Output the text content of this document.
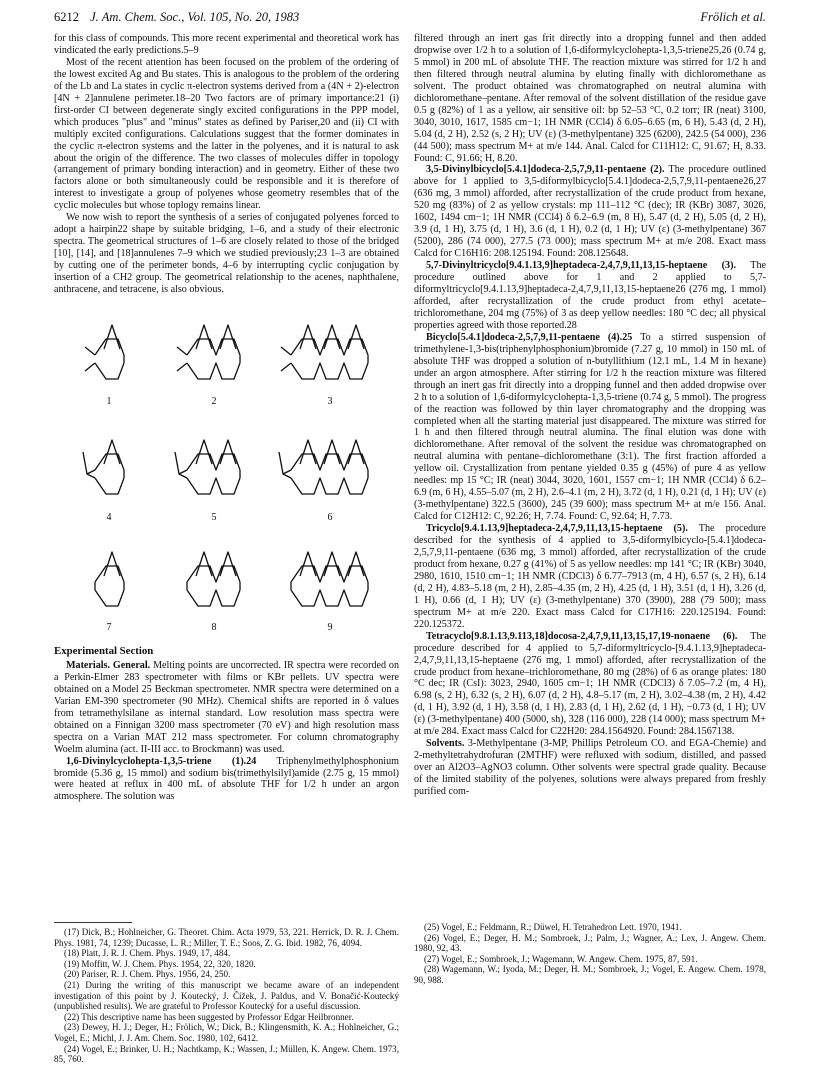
6212 J. Am. Chem. Soc., Vol. 105, No. 20, 1983	Frölich et al.

for this class of compounds. This more recent experimental and theoretical work has vindicated the early predictions.5–9

Most of the recent attention has been focused on the problem of the ordering of the lowest excited Ag and Bu states. This is analogous to the problem of the ordering of the Lb and La states in cyclic π-electron systems derived from a (4N + 2)-electron [4N + 2]annulene perimeter.18–20 Two factors are of primary importance:21 (i) first-order CI between degenerate singly excited configurations in the PPP model, which produces "plus" and "minus" states as defined by Pariser,20 and (ii) CI with multiply excited configurations. Calculations suggest that the former dominates in the cyclic π-electron systems and the latter in the polyenes, and it is natural to ask about the origin of the difference. The two classes of molecules differ in topology (arrangement of primary bonding interaction) and in geometry. Either of these two factors alone or both simultaneously could be responsible and it is therefore of interest to investigate a group of polyenes whose geometry resembles that of the cyclic molecules but whose toplogy remains linear.

We now wish to report the synthesis of a series of conjugated polyenes forced to adopt a hairpin22 shape by suitable bridging, 1–6, and a study of their electronic spectra. The geometrical structures of 1–6 are closely related to those of the bridged [10], [14], and [18]annulenes 7–9 which we studied previously;23 1–3 are obtained by cutting one of the perimeter bonds, 4–6 by interrupting cyclic conjugation by insertion of a CH2 group. The geometrical relationship to the acenes, naphthalene, anthracene, and tetracene, is also obvious.

1	2	3
4	5	6
7	8	9
Experimental Section

Materials. General. Melting points are uncorrected. IR spectra were recorded on a Perkin-Elmer 283 spectrometer with films or KBr pellets. UV spectra were obtained on a Model 25 Beckman spectrometer. NMR spectra were determined on a Varian EM-390 spectrometer (90 MHz). Chemical shifts are reported in δ values from tetramethylsilane as internal standard. Low resolution mass spectra were obtained on a Finnigan 3200 mass spectrometer (70 eV) and high resolution mass spectra on a Varian MAT 212 mass spectrometer. For column chromatography Woelm alumina (act. II-III acc. to Brockmann) was used.

1,6-Divinylcyclohepta-1,3,5-triene (1).24 Triphenylmethylphosphonium bromide (5.36 g, 15 mmol) and sodium bis(trimethylsilyl)amide (2.75 g, 15 mmol) were heated at reflux in 400 mL of absolute THF for 1/2 h under an argon atmosphere. The solution was

filtered through an inert gas frit directly into a dropping funnel and then added dropwise over 1/2 h to a solution of 1,6-diformylcyclohepta-1,3,5-triene25,26 (0.74 g, 5 mmol) in 200 mL of absolute THF. The reaction mixture was stirred for 1/2 h and then filtered through neutral alumina by eluting finally with dichloromethane as solvent. The product obtained was chromatographed on neutral alumina with dichloromethane–pentane. After removal of the solvent distillation of the residue gave 0.5 g (82%) of 1 as a yellow, air sensitive oil: bp 52–53 °C, 0.2 torr; IR (neat) 3100, 3040, 3010, 1617, 1585 cm−1; 1H NMR (CCl4) δ 6.05–6.65 (m, 6 H), 5.43 (d, 2 H), 5.04 (d, 2 H), 2.52 (s, 2 H); UV (ε) (3-methylpentane) 325 (6200), 242.5 (54 000), 236 (44 500); mass spectrum M+ at m/e 144. Anal. Calcd for C11H12: C, 91.67; H, 8.33. Found: C, 91.66; H, 8.20.

3,5-Divinylbicyclo[5.4.1]dodeca-2,5,7,9,11-pentaene (2). The procedure outlined above for 1 applied to 3,5-diformylbicyclo[5.4.1]dodeca-2,5,7,9,11-pentaene26,27 (636 mg, 3 mmol) afforded, after recrystallization of the crude product from hexane, 520 mg (83%) of 2 as yellow crystals: mp 111–112 °C (dec); IR (KBr) 3087, 3026, 1602, 1494 cm−1; 1H NMR (CCl4) δ 6.2–6.9 (m, 8 H), 5.47 (d, 2 H), 5.05 (d, 2 H), 3.9 (d, 1 H), 3.75 (d, 1 H), 3.6 (d, 1 H), 0.2 (d, 1 H); UV (ε) (3-methylpentane) 367 (5200), 286 (74 000), 277.5 (73 000); mass spectrum M+ at m/e 208. Exact mass Calcd for C16H16: 208.125194. Found: 208.125648.

5,7-Divinyltricyclo[9.4.1.13,9]heptadeca-2,4,7,9,11,13,15-heptaene (3). The procedure outlined above for 1 and 2 applied to 5,7-diformyltricyclo[9.4.1.13,9]heptadeca-2,4,7,9,11,13,15-heptaene26 (276 mg, 1 mmol) afforded, after recrystallization of the crude product from ethyl acetate–trichloromethane, 204 mg (75%) of 3 as deep yellow needles: 180 °C dec; all physical properties agreed with those reported.28

Bicyclo[5.4.1]dodeca-2,5,7,9,11-pentaene (4).25 To a stirred suspension of trimethylene-1,3-bis(triphenylphosphonium)bromide (7.27 g, 10 mmol) in 150 mL of absolute THF was dropped a solution of n-butyllithium (12.1 mL, 1.4 M in hexane) under an argon atmosphere. After stirring for 1/2 h the reaction mixture was filtered through an inert gas frit directly into a dropping funnel and then added dropwise over 2 h to a solution of 1,6-diformylcyclohepta-1,3,5-triene (0.74 g, 5 mmol). The progress of the reaction was followed by thin layer chromatography and the dropping was completed when all the starting material just disappeared. The mixture was stirred for 1 h and then filtered through neutral alumina. The final elution was done with dichloromethane. After removal of the solvent the residue was chromatographed on neutral alumina with pentane–dichloromethane (3:1). The first fraction afforded a yellow oil. Crystallization from pentane yielded 0.35 g (45%) of pure 4 as yellow needles: mp 15 °C; IR (neat) 3044, 3020, 1601, 1557 cm−1; 1H NMR (CCl4) δ 6.2–6.9 (m, 6 H), 4.55–5.07 (m, 2 H), 2.6–4.1 (m, 2 H), 3.72 (d, 1 H), 0.21 (d, 1 H); UV (ε) (3-methylpentane) 322.5 (3600), 245 (39 600); mass spectrum M+ at m/e 156. Anal. Calcd for C12H12: C, 92.26; H, 7.74. Found: C, 92.64; H, 7.73.

Tricyclo[9.4.1.13,9]heptadeca-2,4,7,9,11,13,15-heptaene (5). The procedure described for the synthesis of 4 applied to 3,5-diformylbicyclo-[5.4.1]dodeca-2,5,7,9,11-pentaene (636 mg, 3 mmol) afforded, after recrystallization of the crude product from hexane, 0.27 g (41%) of 5 as yellow needles: mp 141 °C; IR (KBr) 3040, 2980, 1610, 1510 cm−1; 1H NMR (CDCl3) δ 6.77–7913 (m, 4 H), 6.57 (s, 2 H), 6.14 (d, 2 H), 4.83–5.18 (m, 2 H), 2.85–4.35 (m, 2 H), 4.25 (d, 1 H), 3.51 (d, 1 H), 3.26 (d, 1 H), 0.66 (d, 1 H); UV (ε) (3-methylpentane) 370 (3900), 288 (79 500); mass spectrum M+ at m/e 220. Exact mass Calcd for C17H16: 220.125194. Found: 220.125372.

Tetracyclo[9.8.1.13,9.113,18]docosa-2,4,7,9,11,13,15,17,19-nonaene (6). The procedure described for 4 applied to 5,7-diformyltricyclo-[9.4.1.13,9]heptadeca-2,4,7,9,11,13,15-heptaene (276 mg, 1 mmol) afforded, after recrystallization of the crude product from hexane–trichloromethane, 80 mg (28%) of 6 as orange plates: 180 °C dec; IR (CsI): 3023, 2940, 1605 cm−1; 1H NMR (CDCl3) δ 7.05–7.2 (m, 4 H), 6.98 (s, 2 H), 6.32 (s, 2 H), 6.07 (d, 2 H), 4.8–5.17 (m, 2 H), 3.02–4.38 (m, 2 H), 4.42 (d, 1 H), 3.92 (d, 1 H), 3.58 (d, 1 H), 2.83 (d, 1 H), 2.62 (d, 1 H), −0.73 (d, 1 H); UV (ε) (3-methylpentane) 400 (5000, sh), 328 (116 000), 228 (14 000); mass spectrum M+ at m/e 284. Exact mass Calcd for C22H20: 284.1564920. Found: 284.1567138.

Solvents. 3-Methylpentane (3-MP, Phillips Petroleum CO. and EGA-Chemie) and 2-methyltetrahydrofuran (2MTHF) were refluxed with sodium, distilled, and passed over an Al2O3–AgNO3 column. Other solvents were spectral grade quality. Because of the limited stability of the polyenes, solutions were always prepared from freshly purified com-

(17) Dick, B.; Hohlneicher, G. Theoret. Chim. Acta 1979, 53, 221. Herrick, D. R. J. Chem. Phys. 1981, 74, 1239; Ducasse, L. R.; Miller, T. E.; Soos, Z. G. Ibid. 1982, 76, 4094.

(18) Platt, J. R. J. Chem. Phys. 1949, 17, 484.

(19) Moffitt, W. J. Chem. Phys. 1954, 22, 320, 1820.

(20) Pariser, R. J. Chem. Phys. 1956, 24, 250.

(21) During the writing of this manuscript we became aware of an independent investigation of this point by J. Koutecký, J. Čížek, J. Paldus, and V. Bonačić-Koutecký (unpublished results). We are grateful to Professor Koutecký for a useful discussion.

(22) This descriptive name has been suggested by Professor Edgar Heilbronner.

(23) Dewey, H. J.; Deger, H.; Frölich, W.; Dick, B.; Klingensmith, K. A.; Hohlneicher, G.; Vogel, E.; Michl, J. J. Am. Chem. Soc. 1980, 102, 6412.

(24) Vogel, E.; Brinker, U. H.; Nachtkamp, K.; Wassen, J.; Müllen, K. Angew. Chem. 1973, 85, 760.

(25) Vogel, E.; Feldmann, R.; Düwel, H. Tetrahedron Lett. 1970, 1941.

(26) Vogel, E.; Deger, H. M.; Sombroek, J.; Palm, J.; Wagner, A.; Lex, J. Angew. Chem. 1980, 92, 43.

(27) Vogel, E.; Sombroek, J.; Wagemann, W. Angew. Chem. 1975, 87, 591.

(28) Wagemann, W.; Iyoda, M.; Deger, H. M.; Sombroek, J.; Vogel, E. Angew. Chem. 1978, 90, 988.
